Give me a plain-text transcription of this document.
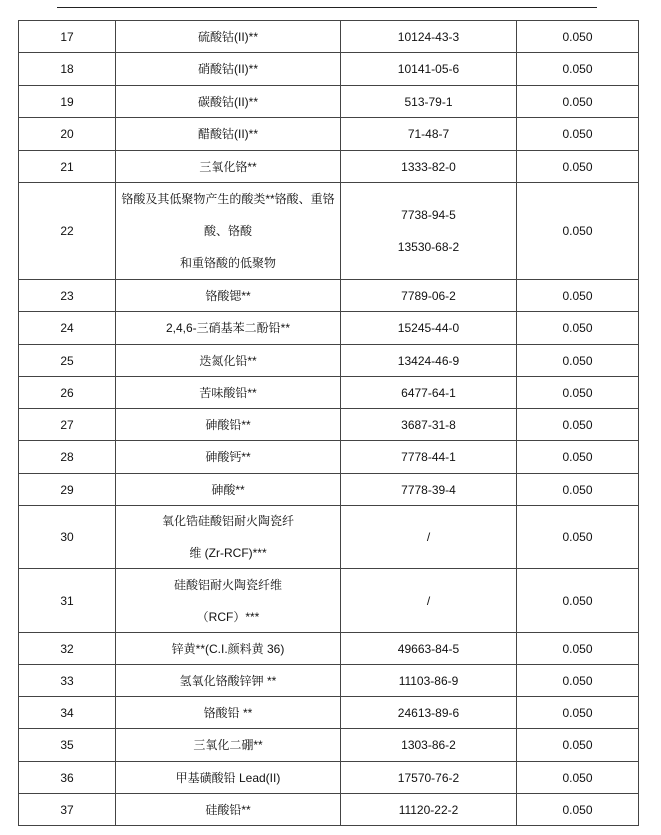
17	硫酸钴(II)**	10124-43-3	0.050
18	硝酸钴(II)**	10141-05-6	0.050
19	碳酸钴(II)**	513-79-1	0.050
20	醋酸钴(II)**	71-48-7	0.050
21	三氧化铬**	1333-82-0	0.050
22	铬酸及其低聚物产生的酸类**铬酸、重铬
酸、铬酸
和重铬酸的低聚物	7738-94-5
13530-68-2	0.050
23	铬酸锶**	7789-06-2	0.050
24	2,4,6-三硝基苯二酚铅**	15245-44-0	0.050
25	迭氮化铅**	13424-46-9	0.050
26	苦味酸铅**	6477-64-1	0.050
27	砷酸铅**	3687-31-8	0.050
28	砷酸钙**	7778-44-1	0.050
29	砷酸**	7778-39-4	0.050
30	氧化锆硅酸铝耐火陶瓷纤
维 (Zr-RCF)***	/	0.050
31	硅酸铝耐火陶瓷纤维
（RCF）***	/	0.050
32	锌黄**(C.I.颜料黄 36)	49663-84-5	0.050
33	氢氧化铬酸锌钾 **	11103-86-9	0.050
34	铬酸铅 **	24613-89-6	0.050
35	三氧化二硼**	1303-86-2	0.050
36	甲基磺酸铅 Lead(II)	17570-76-2	0.050
37	硅酸铅**	11120-22-2	0.050
